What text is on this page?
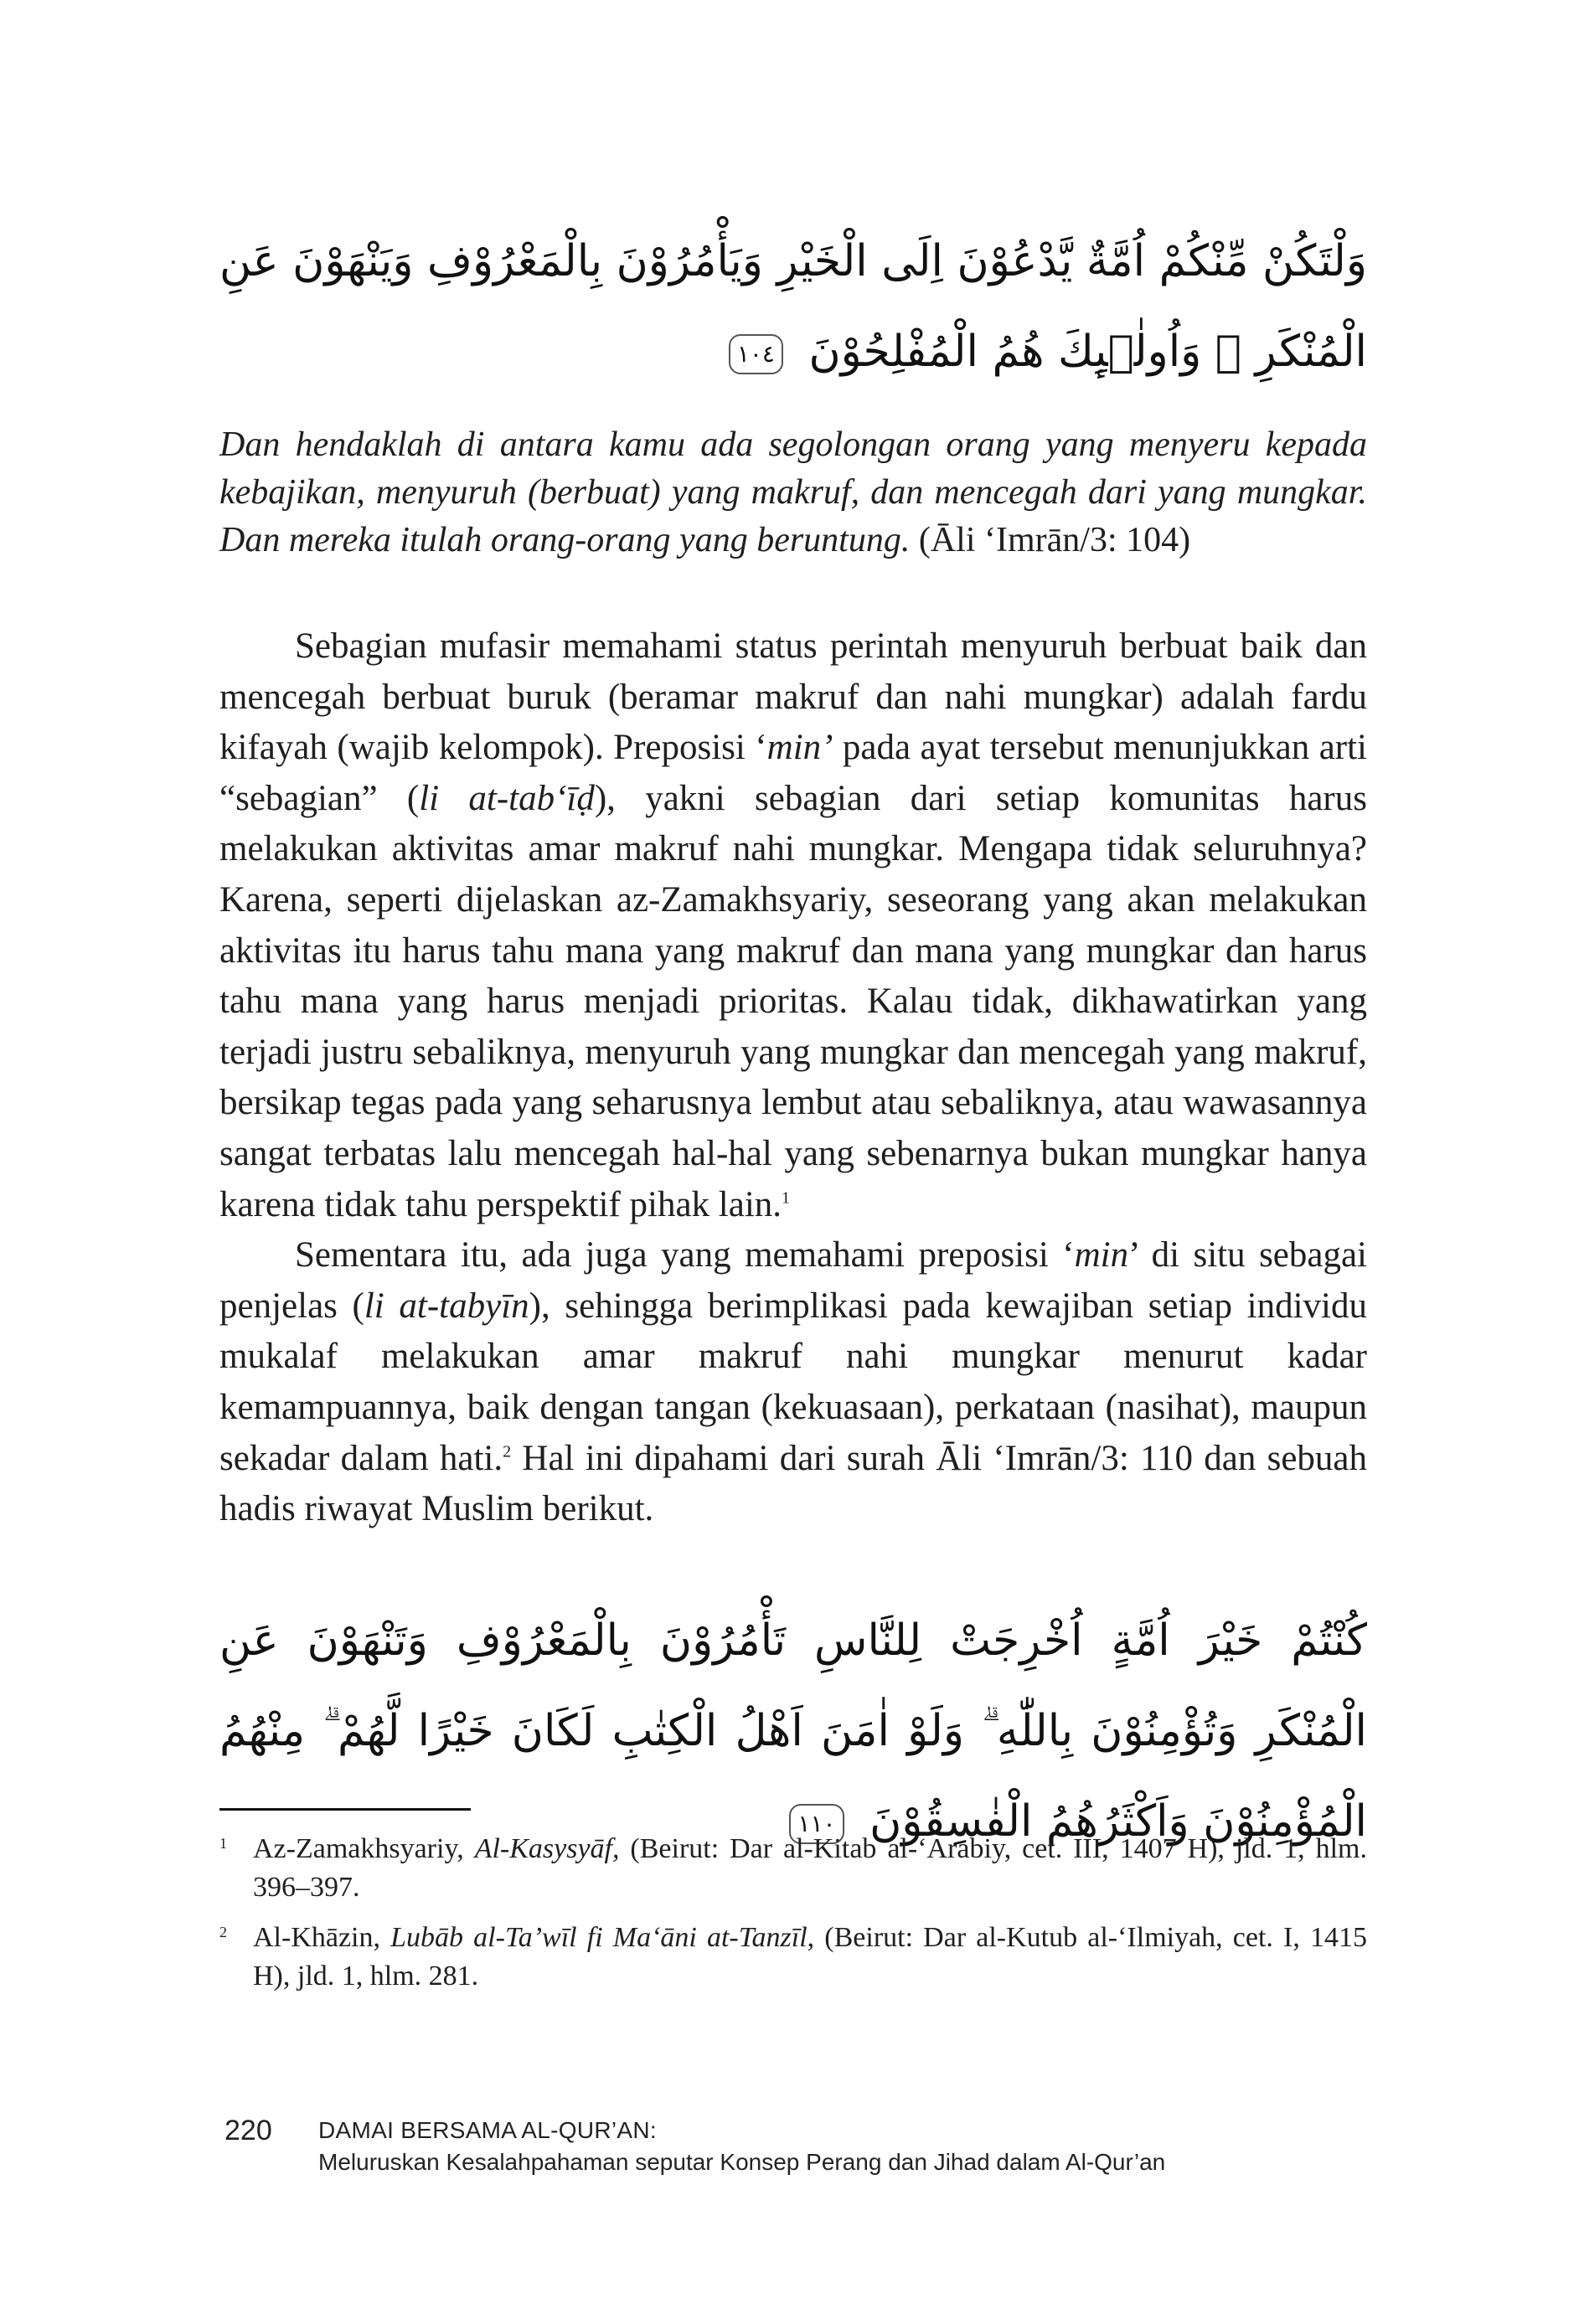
وَلْتَكُنْ مِّنْكُمْ اُمَّةٌ يَّدْعُوْنَ اِلَى الْخَيْرِ وَيَأْمُرُوْنَ بِالْمَعْرُوْفِ وَيَنْهَوْنَ عَنِ الْمُنْكَرِ ۗ وَاُولٰۤىِٕكَ هُمُ الْمُفْلِحُوْنَ ١٠٤
Dan hendaklah di antara kamu ada segolongan orang yang menyeru kepada kebajikan, menyuruh (berbuat) yang makruf, dan mencegah dari yang mungkar. Dan mereka itulah orang-orang yang beruntung. (Āli ʻImrān/3: 104)

Sebagian mufasir memahami status perintah menyuruh berbuat baik dan mencegah berbuat buruk (beramar makruf dan nahi mungkar) adalah fardu kifayah (wajib kelompok). Preposisi ‘min’ pada ayat tersebut menunjukkan arti “sebagian” (li at-tabʻīḍ), yakni sebagian dari setiap komunitas harus melakukan aktivitas amar makruf nahi mungkar. Mengapa tidak seluruhnya? Karena, seperti dijelaskan az-Zamakhsyariy, seseorang yang akan melakukan aktivitas itu harus tahu mana yang makruf dan mana yang mungkar dan harus tahu mana yang harus menjadi prioritas. Kalau tidak, dikhawatirkan yang terjadi justru sebaliknya, menyuruh yang mungkar dan mencegah yang makruf, bersikap tegas pada yang seharusnya lembut atau sebaliknya, atau wawasannya sangat terbatas lalu mencegah hal-hal yang sebenarnya bukan mungkar hanya karena tidak tahu perspektif pihak lain.$^1$

Sementara itu, ada juga yang memahami preposisi ‘min’ di situ sebagai penjelas (li at-tabyīn), sehingga berimplikasi pada kewajiban setiap individu mukalaf melakukan amar makruf nahi mungkar menurut kadar kemampuannya, baik dengan tangan (kekuasaan), perkataan (nasihat), maupun sekadar dalam hati.$^2$ Hal ini dipahami dari surah Āli ʻImrān/3: 110 dan sebuah hadis riwayat Muslim berikut.

كُنْتُمْ خَيْرَ اُمَّةٍ اُخْرِجَتْ لِلنَّاسِ تَأْمُرُوْنَ بِالْمَعْرُوْفِ وَتَنْهَوْنَ عَنِ الْمُنْكَرِ وَتُؤْمِنُوْنَ بِاللّٰهِ ۗ وَلَوْ اٰمَنَ اَهْلُ الْكِتٰبِ لَكَانَ خَيْرًا لَّهُمْ ۗ مِنْهُمُ الْمُؤْمِنُوْنَ وَاَكْثَرُهُمُ الْفٰسِقُوْنَ ١١٠
1 Az-Zamakhsyariy, Al-Kasysyāf, (Beirut: Dar al-Kitab al-ʻArabiy, cet. III, 1407 H), jld. 1, hlm. 396–397.
2 Al-Khāzin, Lubāb al-Ta’wīl fi Maʻāni at-Tanzīl, (Beirut: Dar al-Kutub al-ʻIlmiyah, cet. I, 1415 H), jld. 1, hlm. 281.
220 DAMAI BERSAMA AL-QUR’AN:
Meluruskan Kesalahpahaman seputar Konsep Perang dan Jihad dalam Al-Qur’an
